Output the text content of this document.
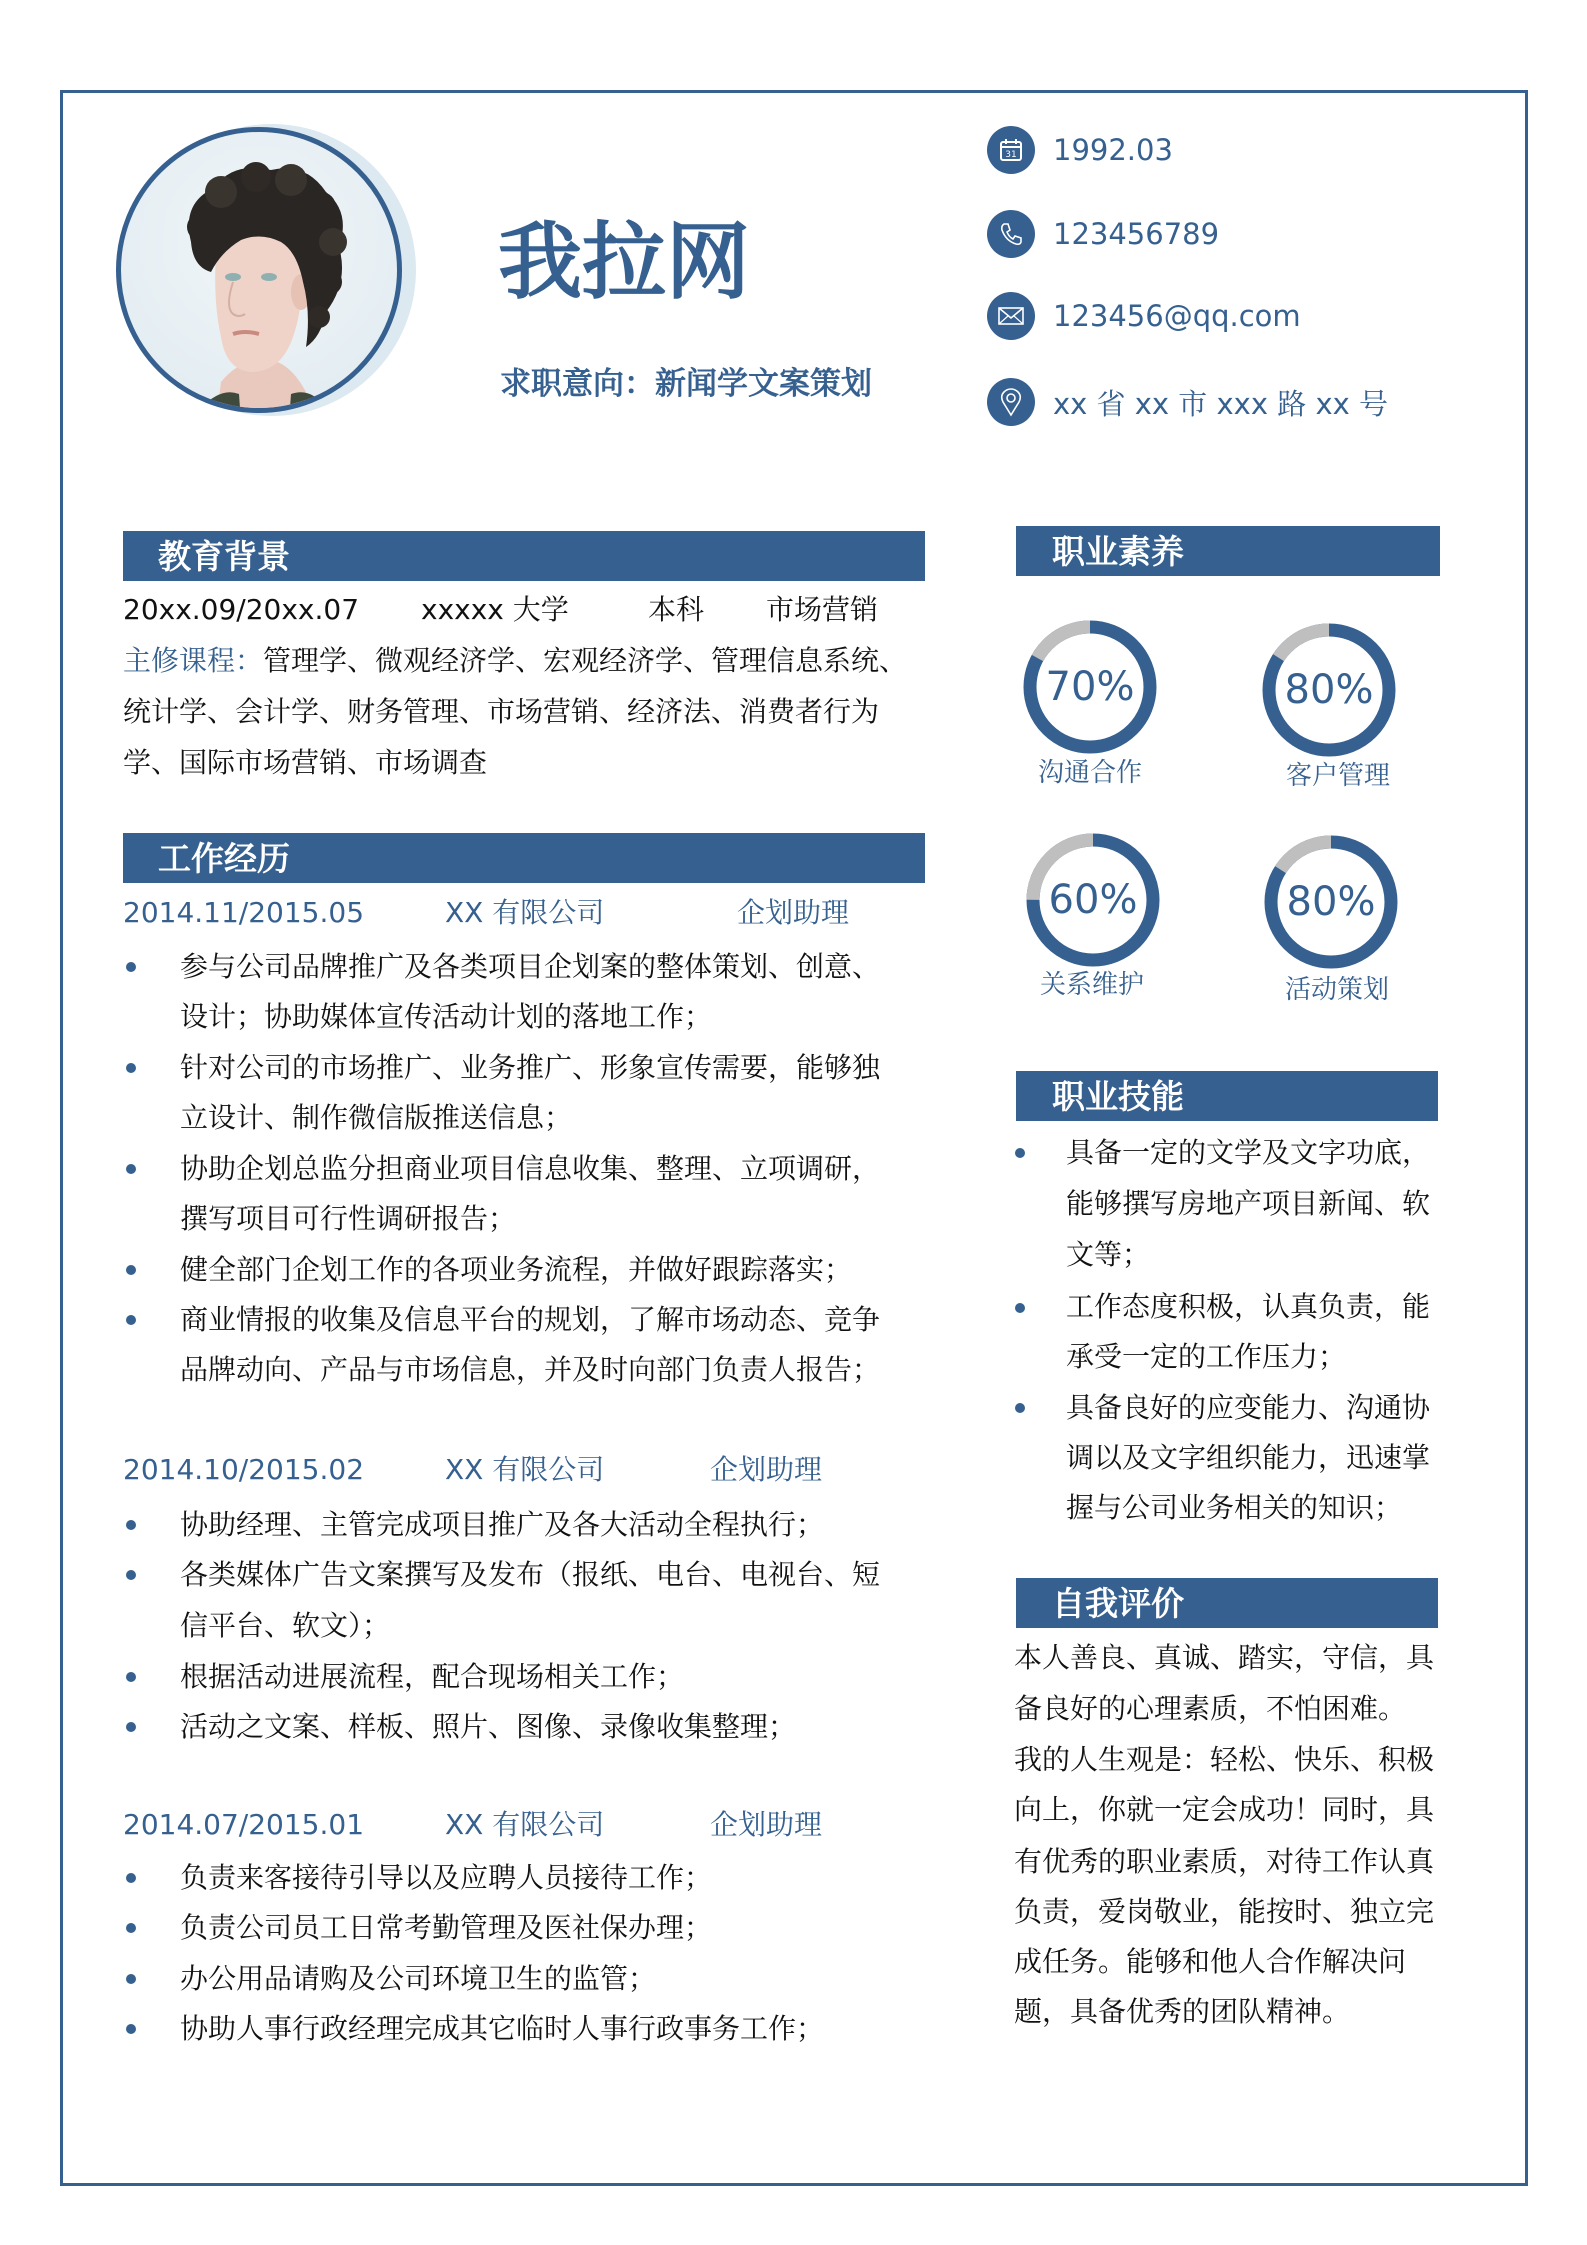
我拉网
求职意向：新闻学文案策划
31 1992.03
123456789
123456@qq.com
xx 省 xx 市 xxx 路 xx 号
教育背景
20xx.09/20xx.07 xxxxx 大学	本科 市场营销
主修课程：管理学、微观经济学、宏观经济学、管理信息系统、
统计学、会计学、财务管理、市场营销、经济法、消费者行为
学、国际市场营销、市场调查
工作经历
2014.11/2015.05	XX 有限公司	企划助理
参与公司品牌推广及各类项目企划案的整体策划、创意、
设计；协助媒体宣传活动计划的落地工作；
针对公司的市场推广、业务推广、形象宣传需要，能够独
立设计、制作微信版推送信息；
协助企划总监分担商业项目信息收集、整理、立项调研，
撰写项目可行性调研报告；
健全部门企划工作的各项业务流程，并做好跟踪落实；
商业情报的收集及信息平台的规划，了解市场动态、竞争
品牌动向、产品与市场信息，并及时向部门负责人报告；
2014.10/2015.02	XX 有限公司	企划助理
协助经理、主管完成项目推广及各大活动全程执行；
各类媒体广告文案撰写及发布（报纸、电台、电视台、短
信平台、软文）；
根据活动进展流程，配合现场相关工作；
活动之文案、样板、照片、图像、录像收集整理；
2014.07/2015.01	XX 有限公司	企划助理
负责来客接待引导以及应聘人员接待工作；
负责公司员工日常考勤管理及医社保办理；
办公用品请购及公司环境卫生的监管；
协助人事行政经理完成其它临时人事行政事务工作；
职业素养
70%
沟通合作
80%
客户管理
60%
关系维护
80%
活动策划
职业技能
具备一定的文学及文字功底，
能够撰写房地产项目新闻、软
文等；
工作态度积极，认真负责，能
承受一定的工作压力；
具备良好的应变能力、沟通协
调以及文字组织能力，迅速掌
握与公司业务相关的知识；
自我评价
本人善良、真诚、踏实，守信，具
备良好的心理素质，不怕困难。
我的人生观是：轻松、快乐、积极
向上，你就一定会成功！同时，具
有优秀的职业素质，对待工作认真
负责，爱岗敬业，能按时、独立完
成任务。能够和他人合作解决问
题，具备优秀的团队精神。
